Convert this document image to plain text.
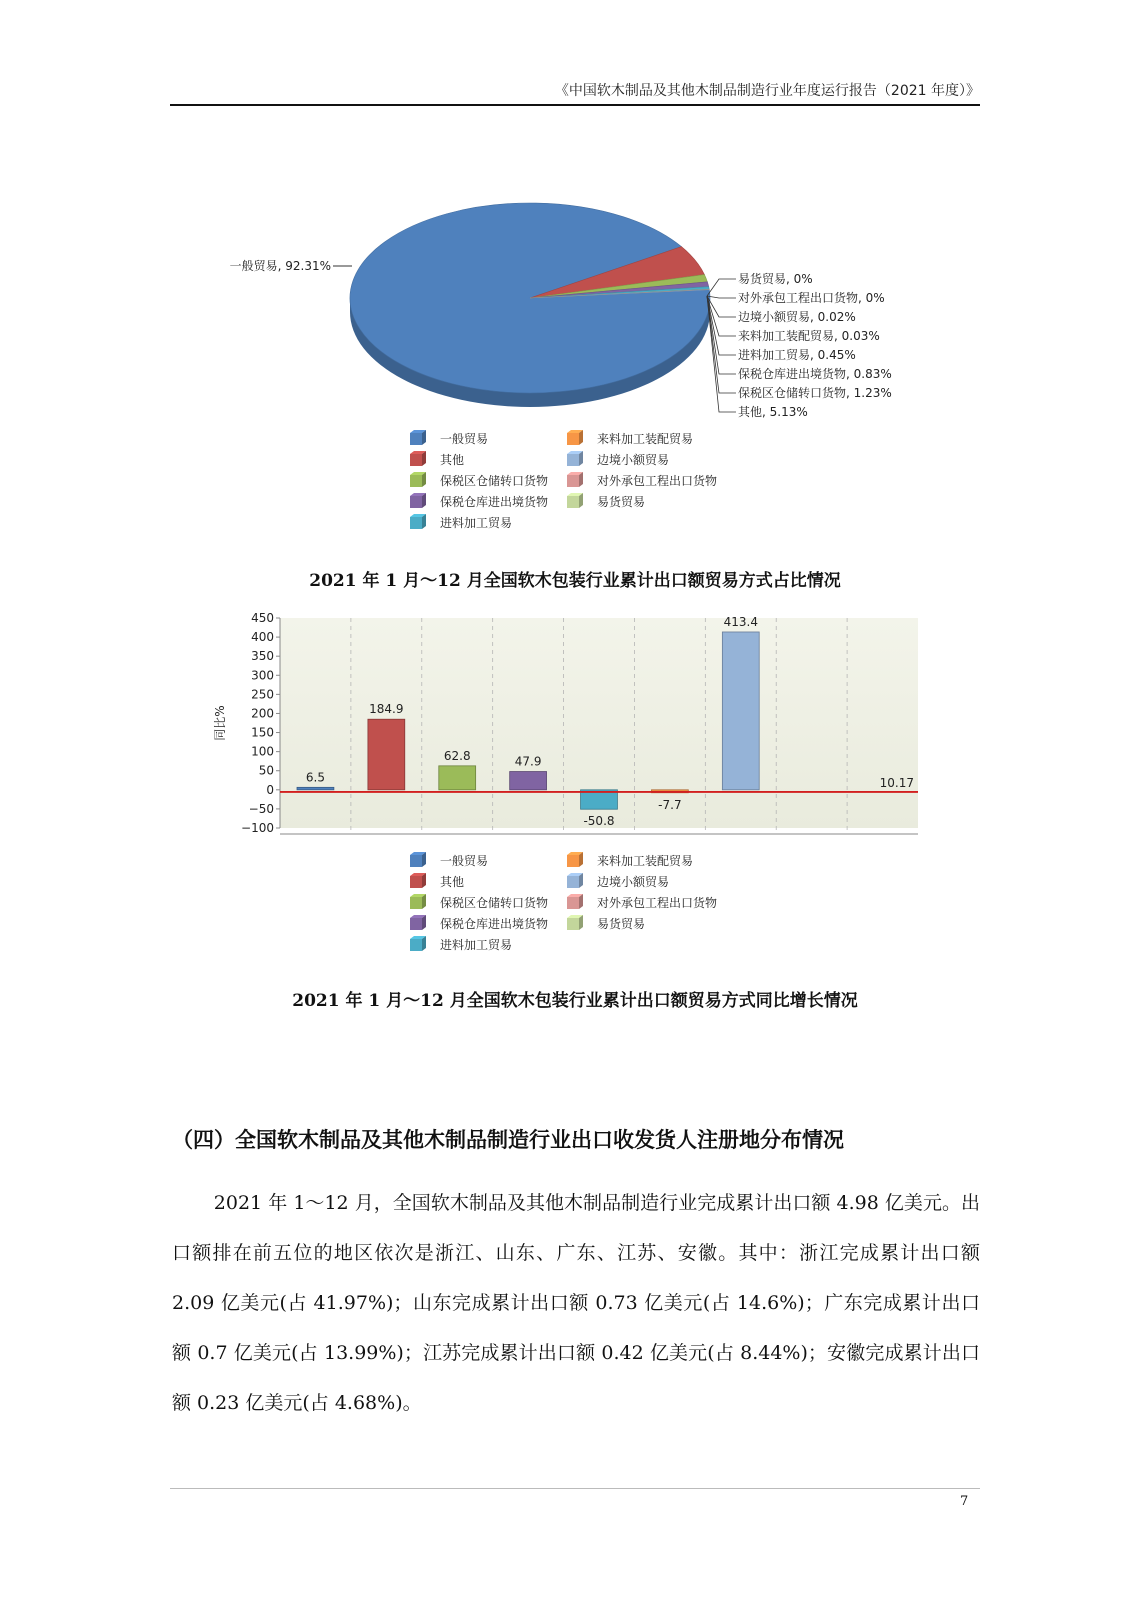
《中国软木制品及其他木制品制造行业年度运行报告（2021 年度）》
一般贸易, 92.31%
易货贸易, 0%
对外承包工程出口货物, 0%
边境小额贸易, 0.02%
来料加工装配贸易, 0.03%
进料加工贸易, 0.45%
保税仓库进出境货物, 0.83%
保税区仓储转口货物, 1.23%
其他, 5.13%
一般贸易
其他
保税区仓储转口货物
保税仓库进出境货物
进料加工贸易
来料加工装配贸易
边境小额贸易
对外承包工程出口货物
易货贸易
450
400
350
300
250
200
150
100
50
0
−50
−100
同比%
6.5
184.9
62.8	47.9
-50.8
-7.7
413.4
10.17
一般贸易
其他
保税区仓储转口货物
保税仓库进出境货物
进料加工贸易
来料加工装配贸易
边境小额贸易
对外承包工程出口货物
易货贸易
2021 年 1 月～12 月全国软木包装行业累计出口额贸易方式占比情况
2021 年 1 月～12 月全国软木包装行业累计出口额贸易方式同比增长情况
（四）全国软木制品及其他木制品制造行业出口收发货人注册地分布情况
2021 年 1～12 月，全国软木制品及其他木制品制造行业完成累计出口额 4.98 亿美元。出口额排在前五位的地区依次是浙江、山东、广东、江苏、安徽。其中：浙江完成累计出口额 2.09 亿美元(占 41.97%)；山东完成累计出口额 0.73 亿美元(占 14.6%)；广东完成累计出口额 0.7 亿美元(占 13.99%)；江苏完成累计出口额 0.42 亿美元(占 8.44%)；安徽完成累计出口额 0.23 亿美元(占 4.68%)。
7
